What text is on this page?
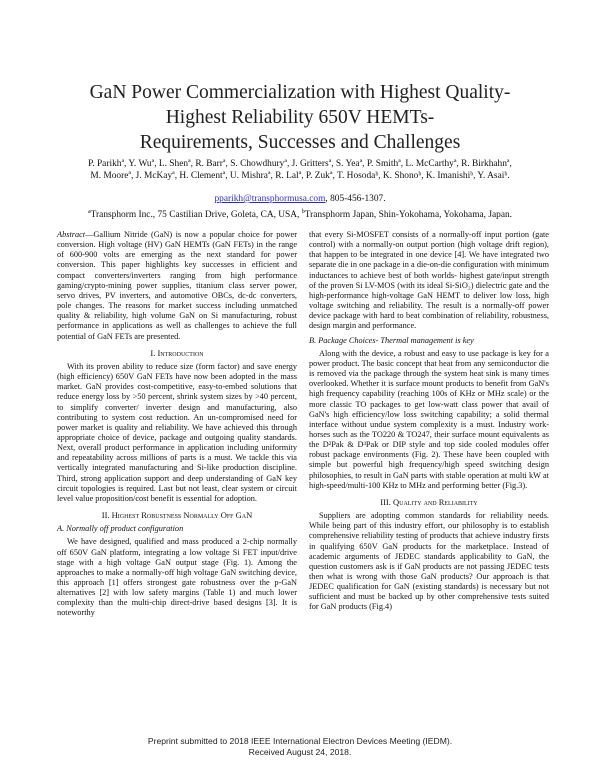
GaN Power Commercialization with Highest Quality-
Highest Reliability 650V HEMTs-
Requirements, Successes and Challenges
P. Parikhª, Y. Wuª, L. Shenª, R. Barrª, S. Chowdhuryª, J. Grittersª, S. Yeaª, P. Smithª, L. McCarthyª, R. Birkhahnª,
M. Mooreª, J. McKayª, H. Clementª, U. Mishraª, R. Lalª, P. Zukª, T. Hosodaᵇ, K. Shonoᵇ, K. Imanishiᵇ, Y. Asaiᵇ.
pparikh@transphormusa.com, 805-456-1307.
$^a$Transphorm Inc., 75 Castilian Drive, Goleta, CA, USA, $^b$Transphorm Japan, Shin-Yokohama, Yokohama, Japan.

Abstract—Gallium Nitride (GaN) is now a popular choice for power conversion. High voltage (HV) GaN HEMTs (GaN FETs) in the range of 600-900 volts are emerging as the next standard for power conversion. This paper highlights key successes in efficient and compact converters/inverters ranging from high performance gaming/crypto-mining power supplies, titanium class server power, servo drives, PV inverters, and automotive OBCs, dc-dc converters, pole changes. The reasons for market success including unmatched quality & reliability, high volume GaN on Si manufacturing, robust performance in applications as well as challenges to achieve the full potential of GaN FETs are presented.

I. Introduction

With its proven ability to reduce size (form factor) and save energy (high efficiency) 650V GaN FETs have now been adopted in the mass market. GaN provides cost-competitive, easy-to-embed solutions that reduce energy loss by >50 percent, shrink system sizes by >40 percent, to simplify converter/ inverter design and manufacturing, also contributing to system cost reduction. An un-compromised need for power market is quality and reliability. We have achieved this through appropriate choice of device, package and outgoing quality standards. Next, overall product performance in application including uniformity and repeatability across millions of parts is a must. We tackle this via vertically integrated manufacturing and Si-like production discipline. Third, strong application support and deep understanding of GaN key circuit topologies is required. Last but not least, clear system or circuit level value proposition/cost benefit is essential for adoption.

II. Highest Robustness Normally Off GaN
A. Normally off product configuration

We have designed, qualified and mass produced a 2-chip normally off 650V GaN platform, integrating a low voltage Si FET input/drive stage with a high voltage GaN output stage (Fig. 1). Among the approaches to make a normally-off high voltage GaN switching device, this approach [1] offers strongest gate robustness over the p-GaN alternatives [2] with low safety margins (Table 1) and much lower complexity than the multi-chip direct-drive based designs [3]. It is noteworthy

that every Si-MOSFET consists of a normally-off input portion (gate control) with a normally-on output portion (high voltage drift region), that happen to be integrated in one device [4]. We have integrated two separate die in one package in a die-on-die configuration with minimum inductances to achieve best of both worlds- highest gate/input strength of the proven Si LV-MOS (with its ideal Si-SiO₂) dielectric gate and the high-performance high-voltage GaN HEMT to deliver low loss, high voltage switching and reliability. The result is a normally-off power device package with hard to beat combination of reliability, robustness, design margin and performance.

B. Package Choices- Thermal management is key

Along with the device, a robust and easy to use package is key for a power product. The basic concept that heat from any semiconductor die is removed via the package through the system heat sink is many times overlooked. Whether it is surface mount products to benefit from GaN's high frequency capability (reaching 100s of KHz or MHz scale) or the more classic TO packages to get low-watt class power that avail of GaN's high efficiency/low loss switching capability; a solid thermal interface without undue system complexity is a must. Industry work-horses such as the TO220 & TO247, their surface mount equivalents as the D²Pak & D³Pak or DIP style and top side cooled modules offer robust package environments (Fig. 2). These have been coupled with simple but powerful high frequency/high speed switching design philosophies, to result in GaN parts with stable operation at multi kW at high-speed/multi-100 KHz to MHz and performing better (Fig.3).

III. Quality and Reliability

Suppliers are adopting common standards for reliability needs. While being part of this industry effort, our philosophy is to establish comprehensive reliability testing of products that achieve industry firsts in qualifying 650V GaN products for the marketplace. Instead of academic arguments of JEDEC standards applicability to GaN, the question customers ask is if GaN products are not passing JEDEC tests then what is wrong with those GaN products? Our approach is that JEDEC qualification for GaN (existing standards) is necessary but not sufficient and must be backed up by other comprehensive tests suited for GaN products (Fig.4)

Preprint submitted to 2018 IEEE International Electron Devices Meeting (IEDM).
Received August 24, 2018.
